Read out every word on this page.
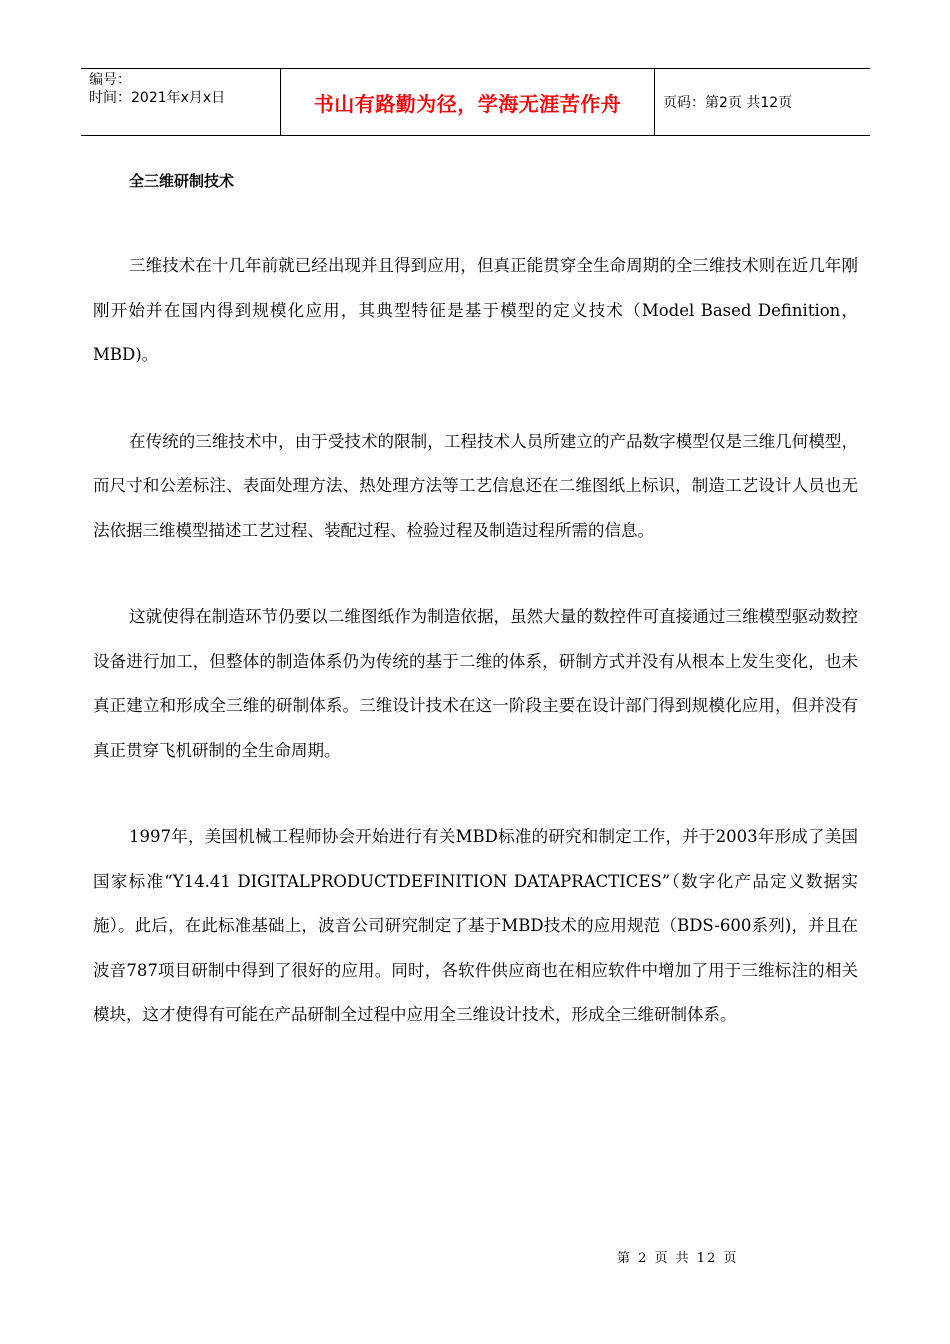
编号：
时间：2021年x月x日	书山有路勤为径，学海无涯苦作舟	页码：第2页 共12页
全三维研制技术

三维技术在十几年前就已经出现并且得到应用，但真正能贯穿全生命周期的全三维技术则在近几年刚刚开始并在国内得到规模化应用，其典型特征是基于模型的定义技术（Model Based Definition，MBD)。

在传统的三维技术中，由于受技术的限制，工程技术人员所建立的产品数字模型仅是三维几何模型，而尺寸和公差标注、表面处理方法、热处理方法等工艺信息还在二维图纸上标识，制造工艺设计人员也无法依据三维模型描述工艺过程、装配过程、检验过程及制造过程所需的信息。

这就使得在制造环节仍要以二维图纸作为制造依据，虽然大量的数控件可直接通过三维模型驱动数控设备进行加工，但整体的制造体系仍为传统的基于二维的体系，研制方式并没有从根本上发生变化，也未真正建立和形成全三维的研制体系。三维设计技术在这一阶段主要在设计部门得到规模化应用，但并没有真正贯穿飞机研制的全生命周期。

1997年，美国机械工程师协会开始进行有关MBD标准的研究和制定工作，并于2003年形成了美国国家标准“Y14.41 DIGITALPRODUCTDEFINITION DATAPRACTICES”（数字化产品定义数据实施）。此后，在此标准基础上，波音公司研究制定了基于MBD技术的应用规范（BDS-600系列)，并且在波音787项目研制中得到了很好的应用。同时，各软件供应商也在相应软件中增加了用于三维标注的相关模块，这才使得有可能在产品研制全过程中应用全三维设计技术，形成全三维研制体系。

第 2 页 共 12 页
